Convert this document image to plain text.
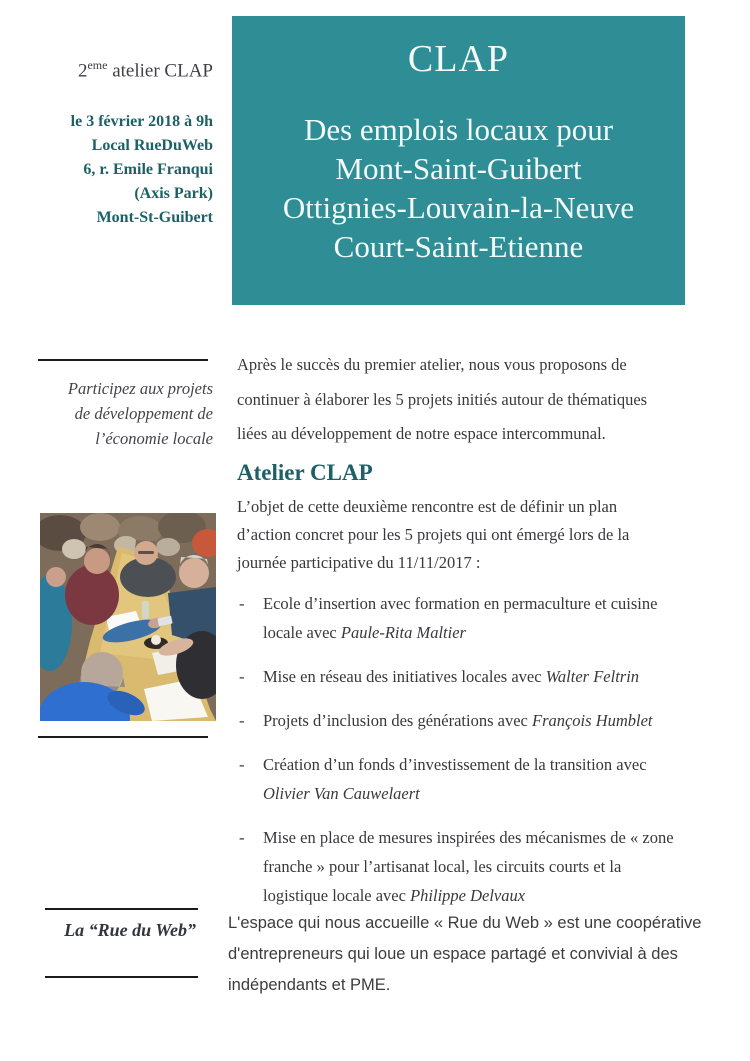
2eme atelier CLAP
le 3 février 2018 à 9h
Local RueDuWeb
6, r. Emile Franqui
(Axis Park)
Mont-St-Guibert
Participez aux projets
de développement de
l’économie locale
La “Rue du Web”
CLAP
Des emplois locaux pour
Mont-Saint-Guibert
Ottignies-Louvain-la-Neuve
Court-Saint-Etienne
Après le succès du premier atelier, nous vous proposons de
continuer à élaborer les 5 projets initiés autour de thématiques
liées au développement de notre espace intercommunal.
Atelier CLAP
L’objet de cette deuxième rencontre est de définir un plan
d’action concret pour les 5 projets qui ont émergé lors de la
journée participative du 11/11/2017 :
- Ecole d’insertion avec formation en permaculture et cuisine
locale avec Paule-Rita Maltier
- Mise en réseau des initiatives locales avec Walter Feltrin
- Projets d’inclusion des générations avec François Humblet
- Création d’un fonds d’investissement de la transition avec
Olivier Van Cauwelaert
- Mise en place de mesures inspirées des mécanismes de « zone
franche » pour l’artisanat local, les circuits courts et la
logistique locale avec Philippe Delvaux
L'espace qui nous accueille « Rue du Web » est une coopérative
d'entrepreneurs qui loue un espace partagé et convivial à des
indépendants et PME.
